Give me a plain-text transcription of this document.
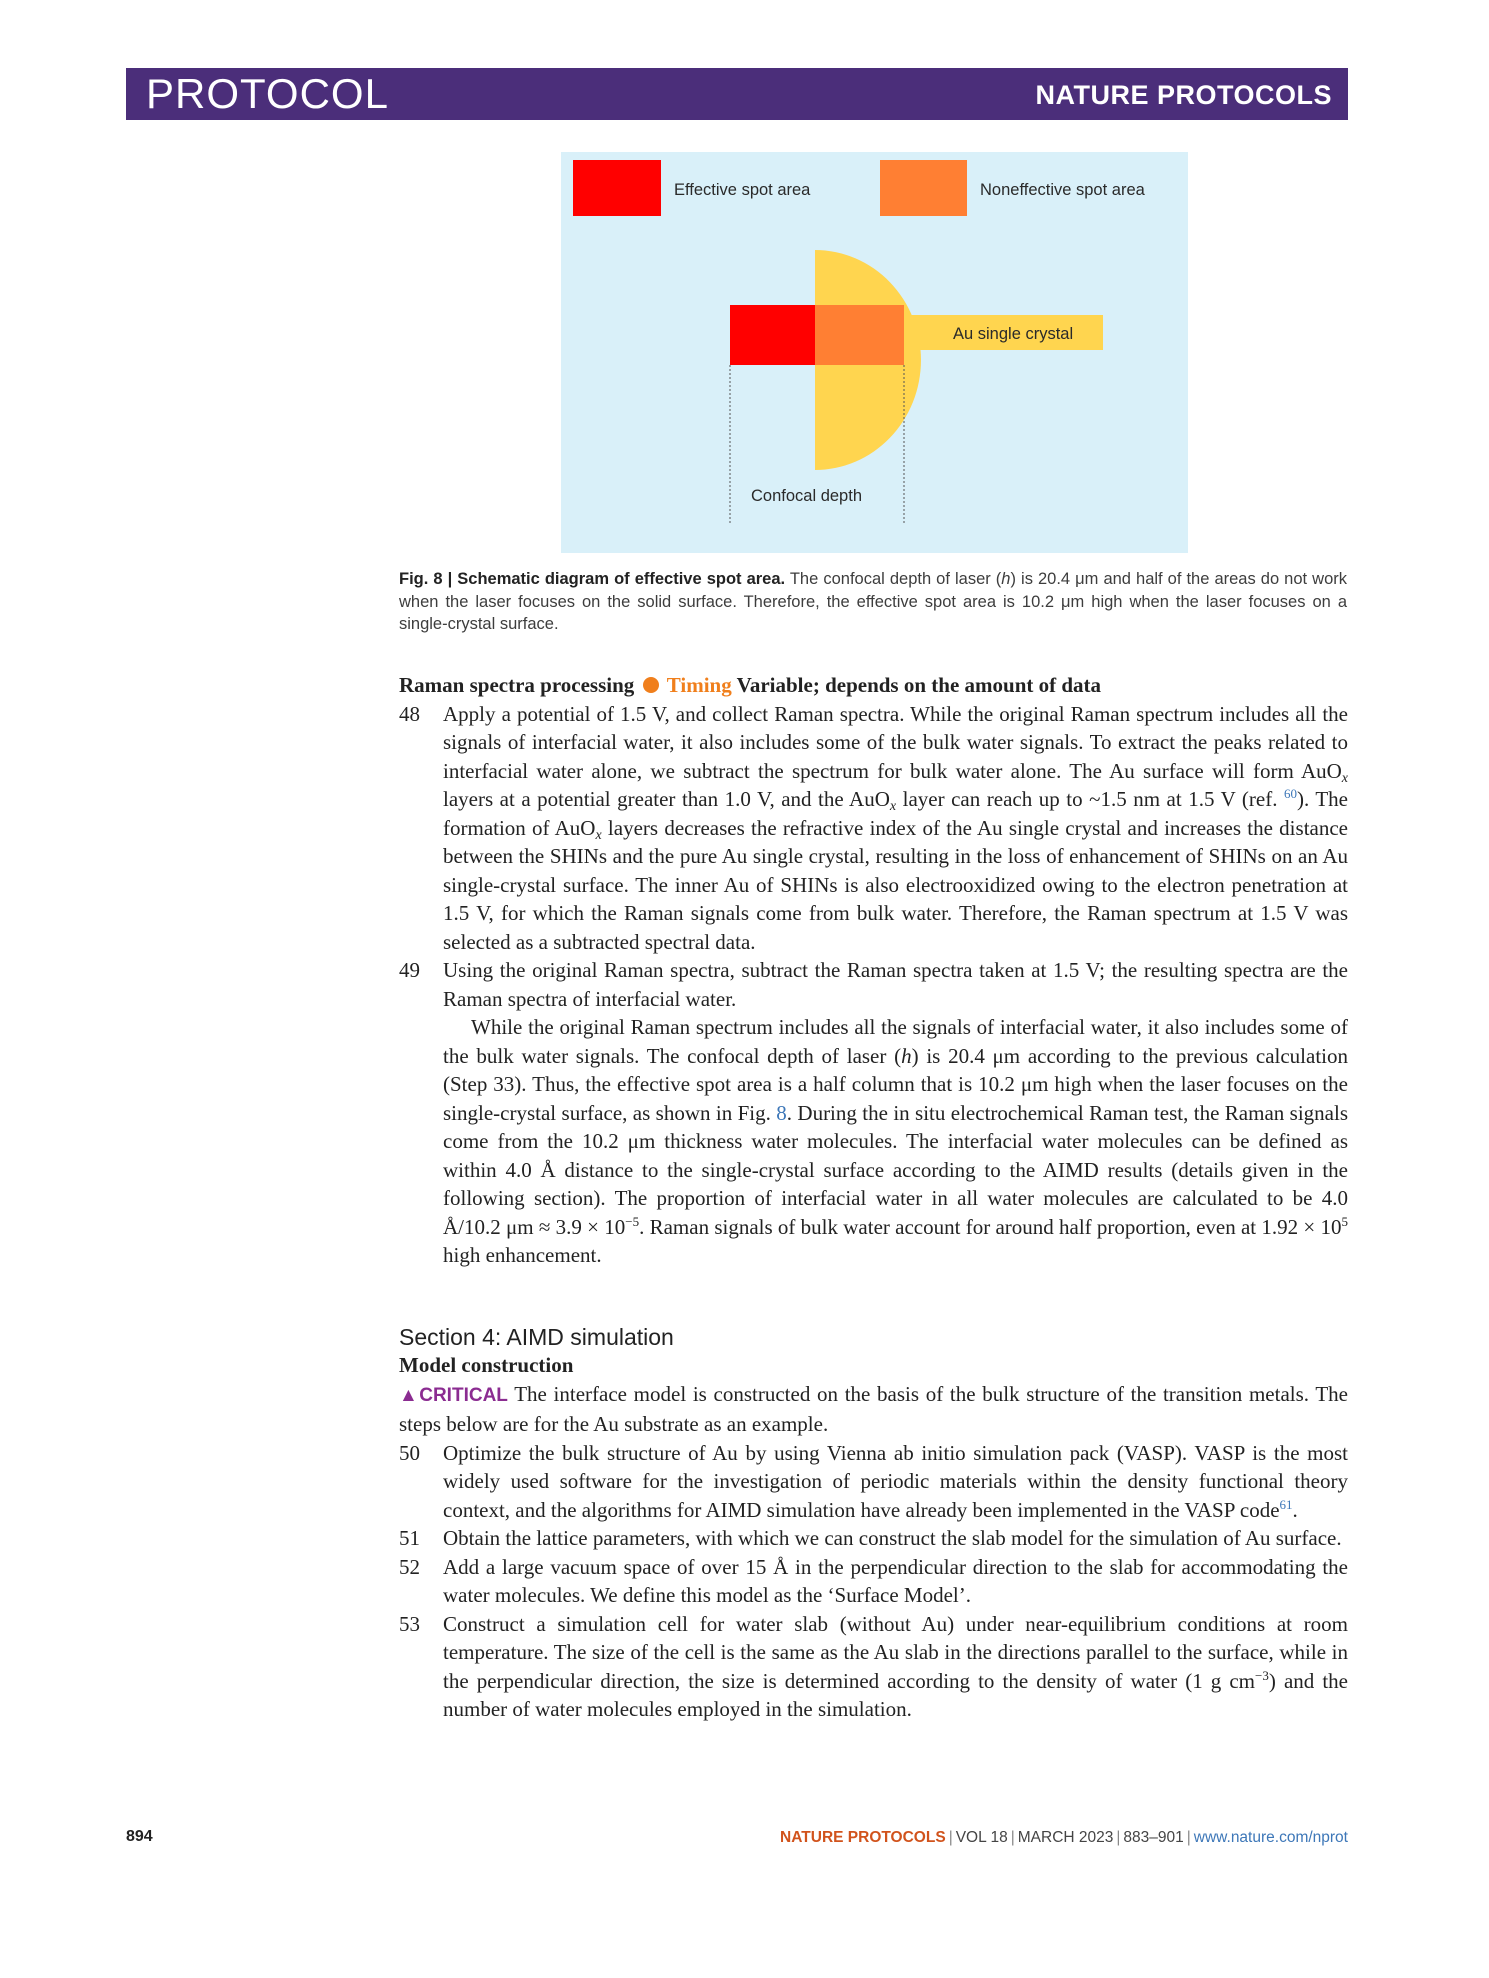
PROTOCOL	NATURE PROTOCOLS
Effective spot area	Noneffective spot area
Au single crystal
Confocal depth
Fig. 8 | Schematic diagram of effective spot area. The confocal depth of laser (h) is 20.4 μm and half of the areas do not work when the laser focuses on the solid surface. Therefore, the effective spot area is 10.2 μm high when the laser focuses on a single-crystal surface.
Raman spectra processing Timing Variable; depends on the amount of data
48 Apply a potential of 1.5 V, and collect Raman spectra. While the original Raman spectrum includes all the signals of interfacial water, it also includes some of the bulk water signals. To extract the peaks related to interfacial water alone, we subtract the spectrum for bulk water alone. The Au surface will form AuO$_x$ layers at a potential greater than 1.0 V, and the AuO$_x$ layer can reach up to ~1.5 nm at 1.5 V (ref. $^{60}$). The formation of AuO$_x$ layers decreases the refractive index of the Au single crystal and increases the distance between the SHINs and the pure Au single crystal, resulting in the loss of enhancement of SHINs on an Au single-crystal surface. The inner Au of SHINs is also electrooxidized owing to the electron penetration at 1.5 V, for which the Raman signals come from bulk water. Therefore, the Raman spectrum at 1.5 V was selected as a subtracted spectral data.
49 Using the original Raman spectra, subtract the Raman spectra taken at 1.5 V; the resulting spectra are the Raman spectra of interfacial water.
While the original Raman spectrum includes all the signals of interfacial water, it also includes some of the bulk water signals. The confocal depth of laser (h) is 20.4 μm according to the previous calculation (Step 33). Thus, the effective spot area is a half column that is 10.2 μm high when the laser focuses on the single-crystal surface, as shown in Fig. 8. During the in situ electrochemical Raman test, the Raman signals come from the 10.2 μm thickness water molecules. The interfacial water molecules can be defined as within 4.0 Å distance to the single-crystal surface according to the AIMD results (details given in the following section). The proportion of interfacial water in all water molecules are calculated to be 4.0 Å/10.2 $\mu m \approx 3.9 \times 10^{-5}$. Raman signals of bulk water account for around half proportion, even at $1.92 \times 10^5$ high enhancement.
Section 4: AIMD simulation
Model construction
▲CRITICAL The interface model is constructed on the basis of the bulk structure of the transition metals. The steps below are for the Au substrate as an example.
50 Optimize the bulk structure of Au by using Vienna ab initio simulation pack (VASP). VASP is the most widely used software for the investigation of periodic materials within the density functional theory context, and the algorithms for AIMD simulation have already been implemented in the VASP code$^{61}$.
51 Obtain the lattice parameters, with which we can construct the slab model for the simulation of Au surface.
52 Add a large vacuum space of over 15 Å in the perpendicular direction to the slab for accommodating the water molecules. We define this model as the ‘Surface Model’.
53 Construct a simulation cell for water slab (without Au) under near-equilibrium conditions at room temperature. The size of the cell is the same as the Au slab in the directions parallel to the surface, while in the perpendicular direction, the size is determined according to the density of water (1 g $cm^{-3}$) and the number of water molecules employed in the simulation.
894	NATURE PROTOCOLS | VOL 18 | MARCH 2023 | 883–901 | www.nature.com/nprot
